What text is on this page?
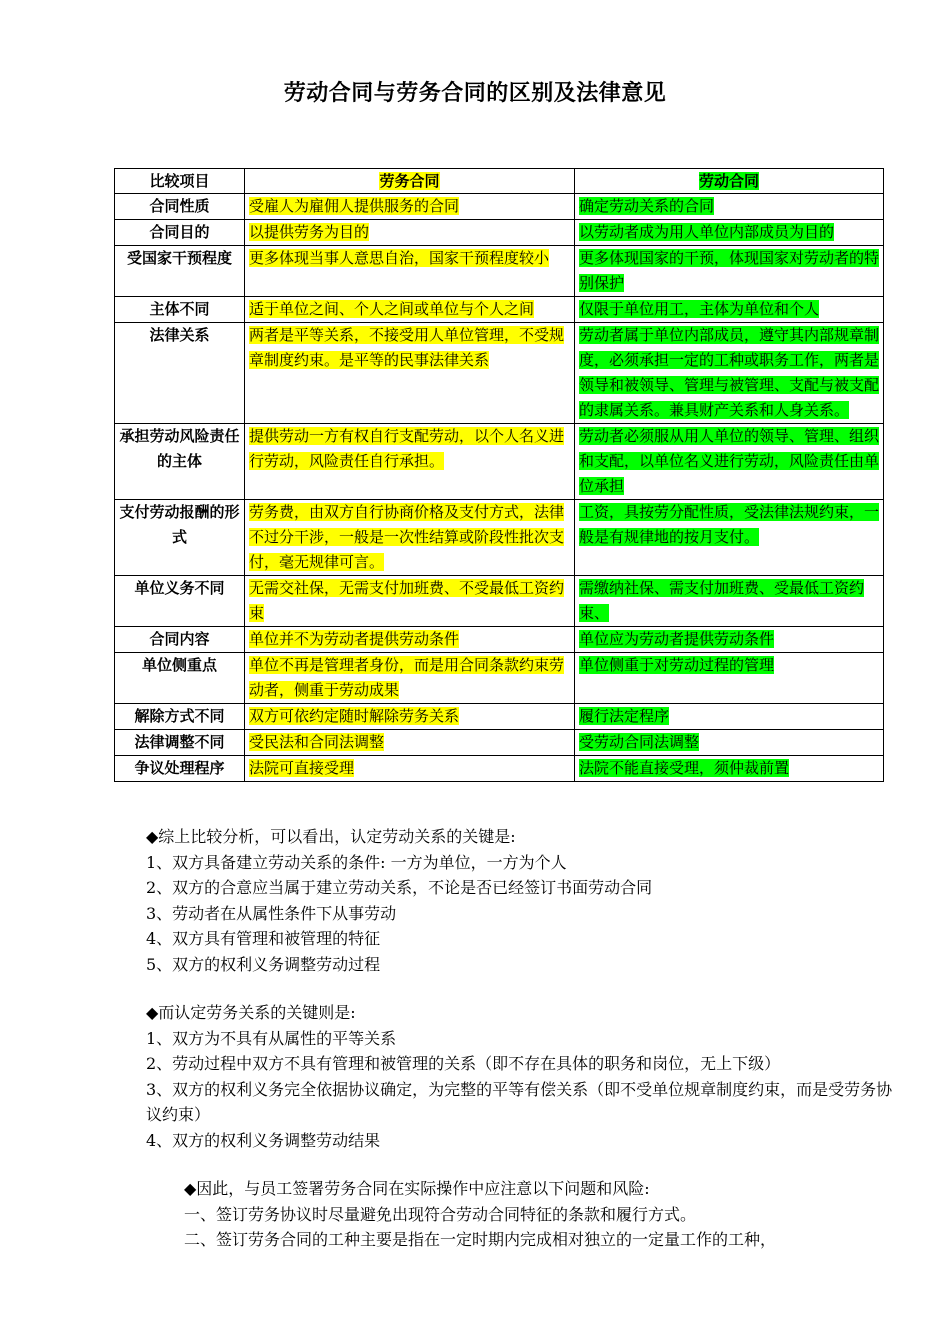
劳动合同与劳务合同的区别及法律意见
比较项目	劳务合同	劳动合同
合同性质	受雇人为雇佣人提供服务的合同	确定劳动关系的合同
合同目的	以提供劳务为目的	以劳动者成为用人单位内部成员为目的
受国家干预程度	更多体现当事人意思自治，国家干预程度较小	更多体现国家的干预，体现国家对劳动者的特别保护
主体不同	适于单位之间、个人之间或单位与个人之间	仅限于单位用工，主体为单位和个人
法律关系	两者是平等关系，不接受用人单位管理，不受规章制度约束。是平等的民事法律关系	劳动者属于单位内部成员，遵守其内部规章制度，必须承担一定的工种或职务工作，两者是领导和被领导、管理与被管理、支配与被支配的隶属关系。兼具财产关系和人身关系。
承担劳动风险责任的主体	提供劳动一方有权自行支配劳动，以个人名义进行劳动，风险责任自行承担。	劳动者必须服从用人单位的领导、管理、组织和支配，以单位名义进行劳动，风险责任由单位承担
支付劳动报酬的形式	劳务费，由双方自行协商价格及支付方式，法律不过分干涉，一般是一次性结算或阶段性批次支付，毫无规律可言。	工资，具按劳分配性质，受法律法规约束，一般是有规律地的按月支付。
单位义务不同	无需交社保，无需支付加班费、不受最低工资约束	需缴纳社保、需支付加班费、受最低工资约束、
合同内容	单位并不为劳动者提供劳动条件	单位应为劳动者提供劳动条件
单位侧重点	单位不再是管理者身份，而是用合同条款约束劳动者，侧重于劳动成果	单位侧重于对劳动过程的管理
解除方式不同	双方可依约定随时解除劳务关系	履行法定程序
法律调整不同	受民法和合同法调整	受劳动合同法调整
争议处理程序	法院可直接受理	法院不能直接受理，须仲裁前置

◆综上比较分析，可以看出，认定劳动关系的关键是:

1、双方具备建立劳动关系的条件: 一方为单位，一方为个人

2、双方的合意应当属于建立劳动关系，不论是否已经签订书面劳动合同

3、劳动者在从属性条件下从事劳动

4、双方具有管理和被管理的特征

5、双方的权利义务调整劳动过程

◆而认定劳务关系的关键则是:

1、双方为不具有从属性的平等关系

2、劳动过程中双方不具有管理和被管理的关系（即不存在具体的职务和岗位，无上下级）

3、双方的权利义务完全依据协议确定，为完整的平等有偿关系（即不受单位规章制度约束，而是受劳务协议约束）

4、双方的权利义务调整劳动结果

◆因此，与员工签署劳务合同在实际操作中应注意以下问题和风险:

一、签订劳务协议时尽量避免出现符合劳动合同特征的条款和履行方式。

二、签订劳务合同的工种主要是指在一定时期内完成相对独立的一定量工作的工种，
